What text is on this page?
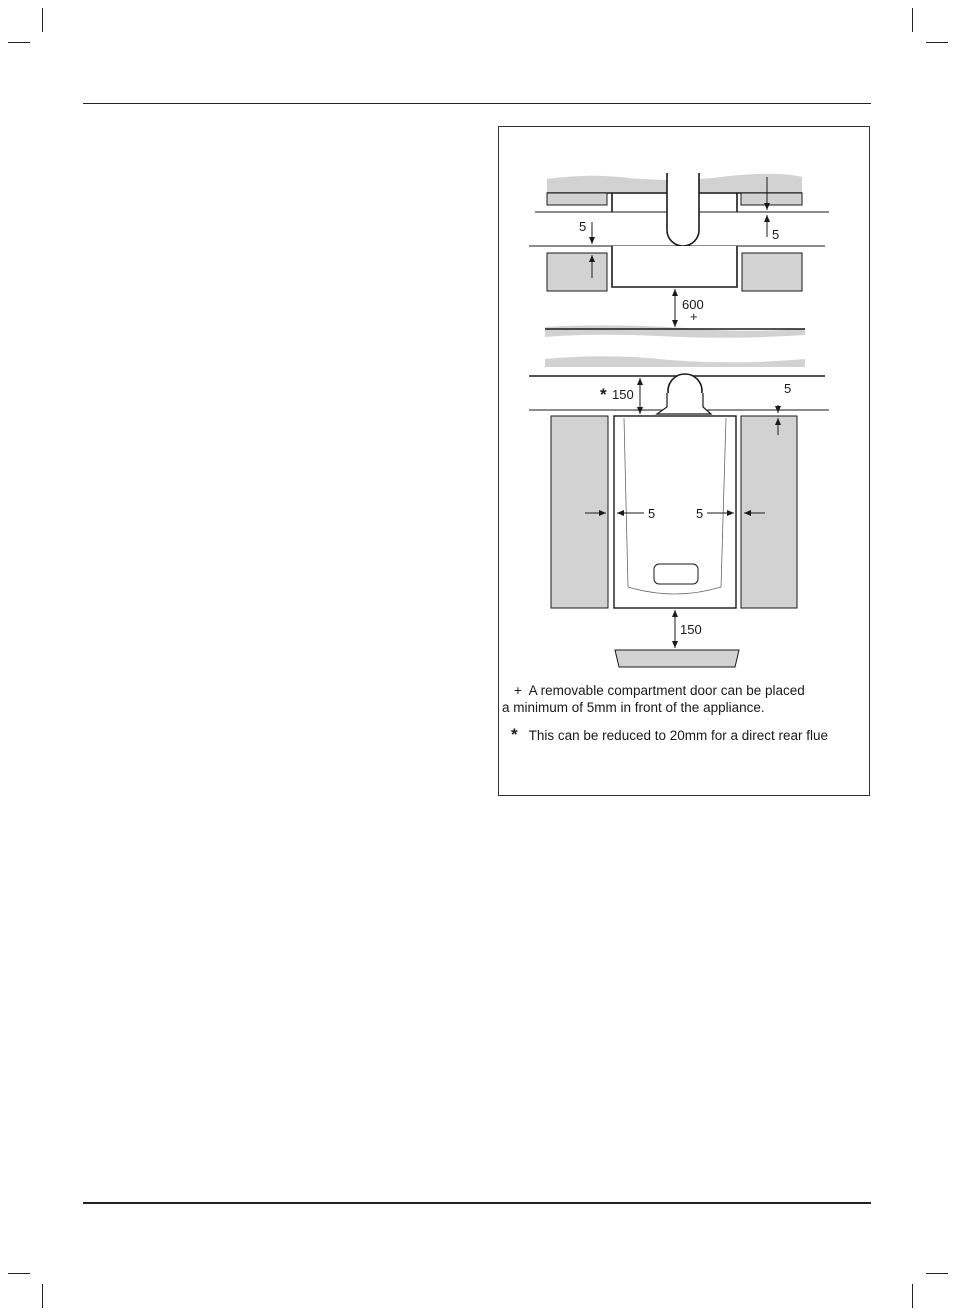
5
5
600
+
* 150	5
5	5
150
+ A removable compartment door can be placed
a minimum of 5mm in front of the appliance.
* This can be reduced to 20mm for a direct rear flue
